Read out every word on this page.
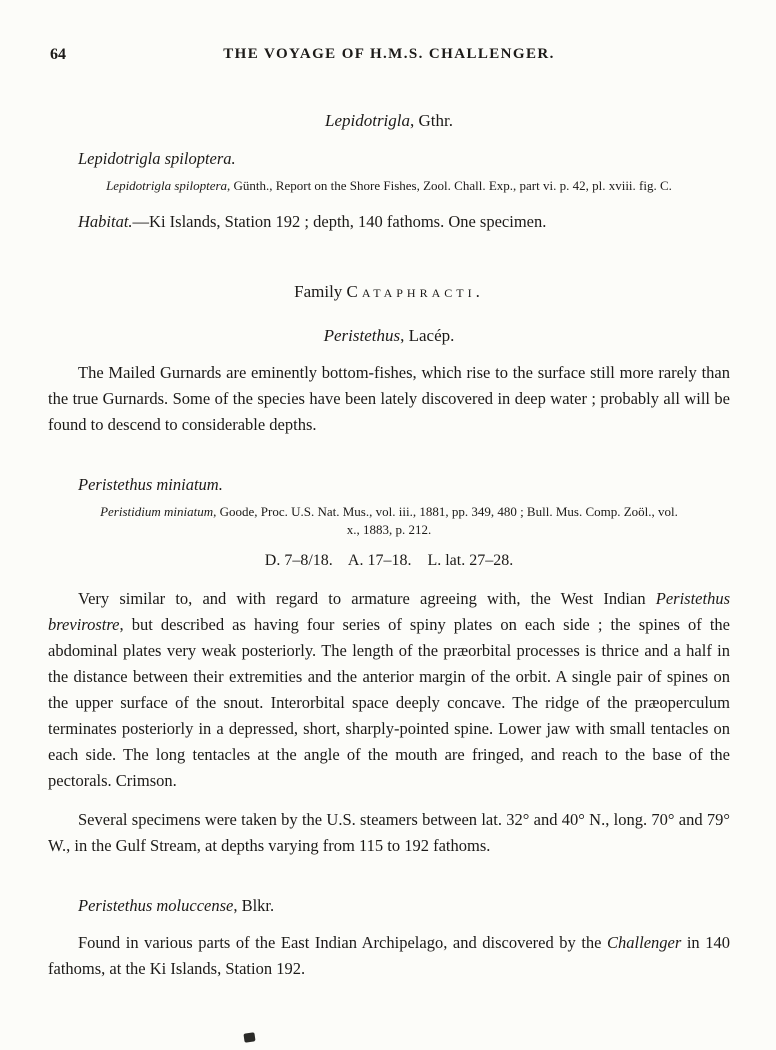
64	THE VOYAGE OF H.M.S. CHALLENGER.
Lepidotrigla, Gthr.
Lepidotrigla spiloptera.
Lepidotrigla spiloptera, Günth., Report on the Shore Fishes, Zool. Chall. Exp., part vi. p. 42, pl. xviii. fig. C.

Habitat.—Ki Islands, Station 192 ; depth, 140 fathoms. One specimen.

Family Cataphracti.
Peristethus, Lacép.

The Mailed Gurnards are eminently bottom-fishes, which rise to the surface still more rarely than the true Gurnards. Some of the species have been lately discovered in deep water ; probably all will be found to descend to considerable depths.

Peristethus miniatum.
Peristidium miniatum, Goode, Proc. U.S. Nat. Mus., vol. iii., 1881, pp. 349, 480 ; Bull. Mus. Comp. Zoöl., vol. x., 1883, p. 212.
D. 7–8/18.    A. 17–18.    L. lat. 27–28.

Very similar to, and with regard to armature agreeing with, the West Indian Peristethus brevirostre, but described as having four series of spiny plates on each side ; the spines of the abdominal plates very weak posteriorly. The length of the præorbital processes is thrice and a half in the distance between their extremities and the anterior margin of the orbit. A single pair of spines on the upper surface of the snout. Interorbital space deeply concave. The ridge of the præoperculum terminates posteriorly in a depressed, short, sharply-pointed spine. Lower jaw with small tentacles on each side. The long tentacles at the angle of the mouth are fringed, and reach to the base of the pectorals. Crimson.

Several specimens were taken by the U.S. steamers between lat. 32° and 40° N., long. 70° and 79° W., in the Gulf Stream, at depths varying from 115 to 192 fathoms.

Peristethus moluccense, Blkr.

Found in various parts of the East Indian Archipelago, and discovered by the Challenger in 140 fathoms, at the Ki Islands, Station 192.
